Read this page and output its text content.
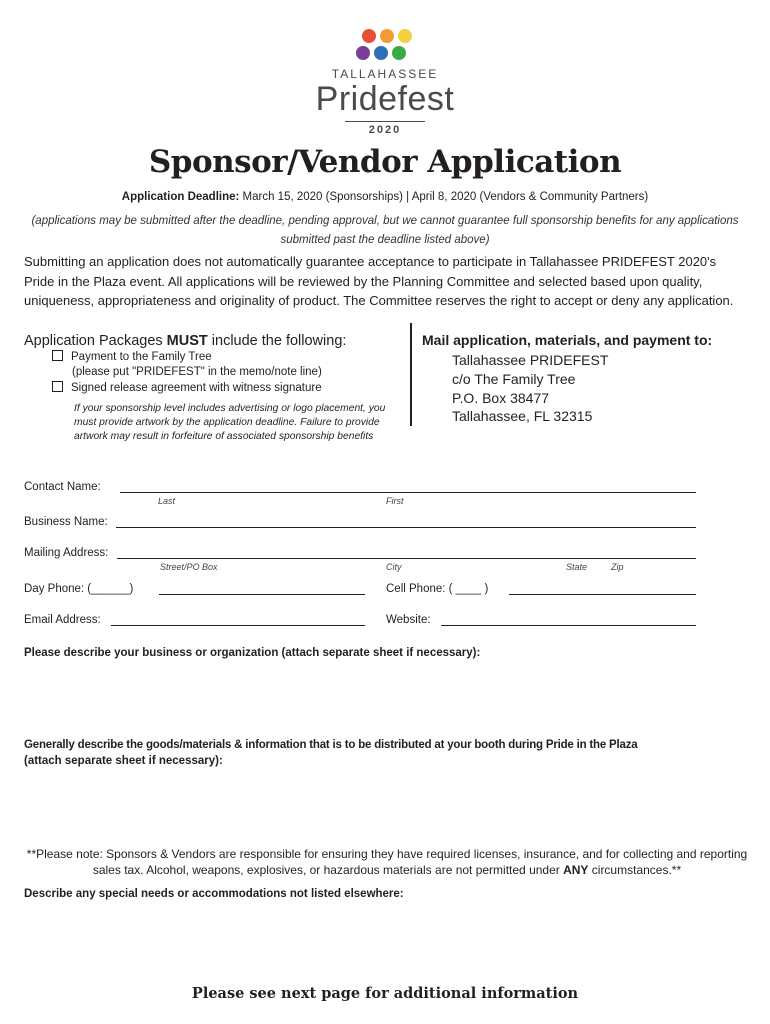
TALLAHASSEE
Pridefest
2020
Sponsor/Vendor Application
Application Deadline: March 15, 2020 (Sponsorships) | April 8, 2020 (Vendors & Community Partners)
(applications may be submitted after the deadline, pending approval, but we cannot guarantee full sponsorship benefits for any applications submitted past the deadline listed above)
Submitting an application does not automatically guarantee acceptance to participate in Tallahassee PRIDEFEST 2020's Pride in the Plaza event. All applications will be reviewed by the Planning Committee and selected based upon quality, uniqueness, appropriateness and originality of product. The Committee reserves the right to accept or deny any application.
Application Packages MUST include the following:
Payment to the Family Tree
(please put "PRIDEFEST" in the memo/note line)
Signed release agreement with witness signature
If your sponsorship level includes advertising or logo placement, you must provide artwork by the application deadline. Failure to provide artwork may result in forfeiture of associated sponsorship benefits
Mail application, materials, and payment to:
Tallahassee PRIDEFEST
c/o The Family Tree
P.O. Box 38477
Tallahassee, FL 32315
Contact Name:
Last	First
Business Name:
Mailing Address:
Street/PO Box	City	State	Zip
Day Phone: (______)	Cell Phone: ( ____ )
Email Address:	Website:
Please describe your business or organization (attach separate sheet if necessary):
Generally describe the goods/materials & information that is to be distributed at your booth during Pride in the Plaza
(attach separate sheet if necessary):
**Please note: Sponsors & Vendors are responsible for ensuring they have required licenses, insurance, and for collecting and reporting sales tax. Alcohol, weapons, explosives, or hazardous materials are not permitted under ANY circumstances.**
Describe any special needs or accommodations not listed elsewhere:
Please see next page for additional information
